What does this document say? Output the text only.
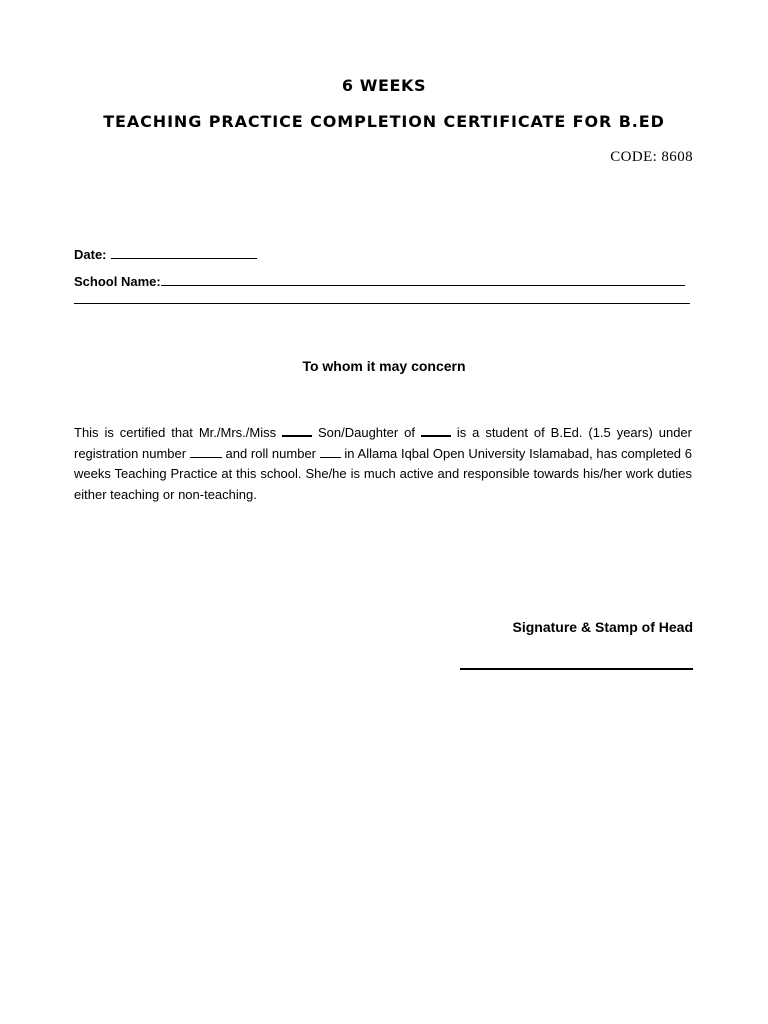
6 WEEKS
TEACHING PRACTICE COMPLETION CERTIFICATE FOR B.ED
CODE: 8608
Date:
School Name:
To whom it may concern

This is certified that Mr./Mrs./Miss	Son/Daughter of	is a student of B.Ed. (1.5 years) under registration number	and roll number in Allama Iqbal Open University Islamabad, has completed 6 weeks Teaching Practice at this school. She/he is much active and responsible towards his/her work duties either teaching or non-teaching.

Signature & Stamp of Head
